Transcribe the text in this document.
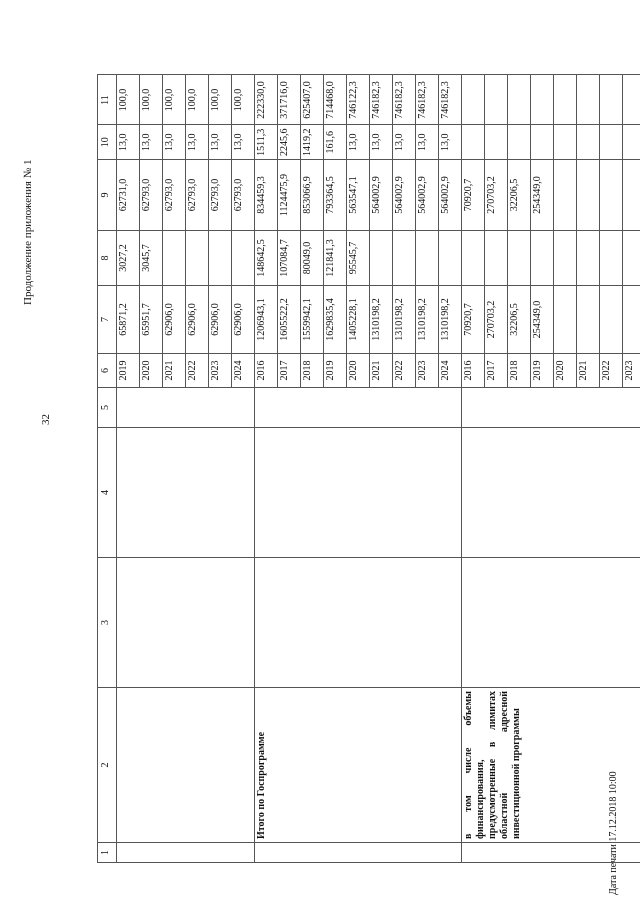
32
Продолжение приложения № 1
Дата печати 17.12.2018 10:00
1	2	3	4	5	6	7	8	9	10	11
					2019	65871,2	3027,2	62731,0	13,0	100,0
					2020	65951,7	3045,7	62793,0	13,0	100,0
					2021	62906,0		62793,0	13,0	100,0
					2022	62906,0		62793,0	13,0	100,0
					2023	62906,0		62793,0	13,0	100,0
					2024	62906,0		62793,0	13,0	100,0
	Итого по Госпрограмме				2016	1206943,1	148642,5	834459,3	1511,3	222330,0
					2017	1605522,2	107084,7	1124475,9	2245,6	371716,0
					2018	1559942,1	80049,0	853066,9	1419,2	625407,0
					2019	1629835,4	121841,3	793364,5	161,6	714468,0
					2020	1405228,1	95545,7	563547,1	13,0	746122,3
					2021	1310198,2		564002,9	13,0	746182,3
					2022	1310198,2		564002,9	13,0	746182,3
					2023	1310198,2		564002,9	13,0	746182,3
					2024	1310198,2		564002,9	13,0	746182,3
	в том числе объемы финансирования, предусмотренные в лимитах областной адресной инвестиционной программы				2016	70920,7		70920,7		
					2017	270703,2		270703,2		
					2018	32206,5		32206,5		
					2019	254349,0		254349,0		
					2020					
					2021					
					2022					
					2023					
